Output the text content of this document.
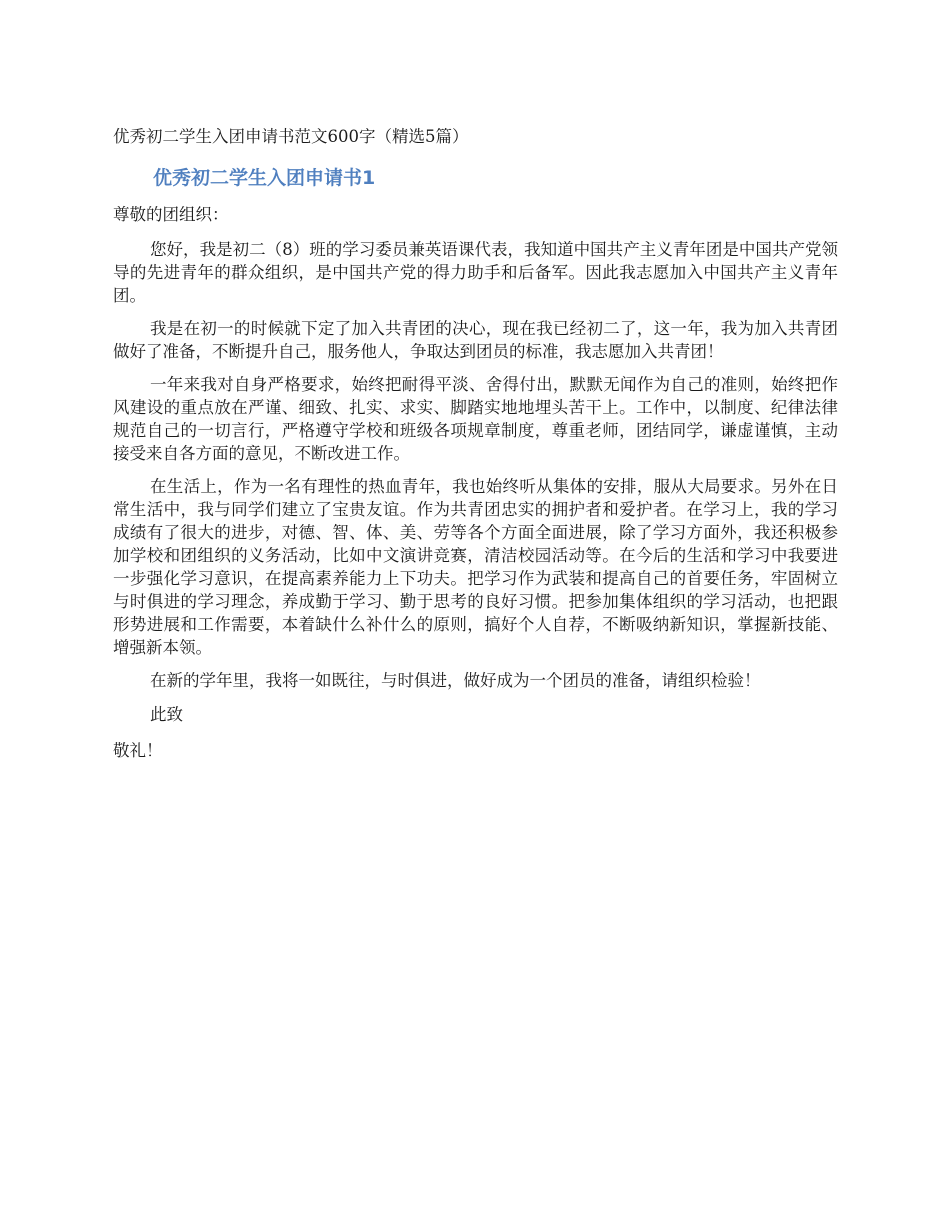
优秀初二学生入团申请书范文600字（精选5篇）

优秀初二学生入团申请书1

尊敬的团组织：

您好，我是初二（8）班的学习委员兼英语课代表，我知道中国共产主义青年团是中国共产党领导的先进青年的群众组织，是中国共产党的得力助手和后备军。因此我志愿加入中国共产主义青年团。

我是在初一的时候就下定了加入共青团的决心，现在我已经初二了，这一年，我为加入共青团做好了准备，不断提升自己，服务他人，争取达到团员的标准，我志愿加入共青团！

一年来我对自身严格要求，始终把耐得平淡、舍得付出，默默无闻作为自己的准则，始终把作风建设的重点放在严谨、细致、扎实、求实、脚踏实地地埋头苦干上。工作中，以制度、纪律法律规范自己的一切言行，严格遵守学校和班级各项规章制度，尊重老师，团结同学，谦虚谨慎，主动接受来自各方面的意见，不断改进工作。

在生活上，作为一名有理性的热血青年，我也始终听从集体的安排，服从大局要求。另外在日常生活中，我与同学们建立了宝贵友谊。作为共青团忠实的拥护者和爱护者。在学习上，我的学习成绩有了很大的进步，对德、智、体、美、劳等各个方面全面进展，除了学习方面外，我还积极参加学校和团组织的义务活动，比如中文演讲竞赛，清洁校园活动等。在今后的生活和学习中我要进一步强化学习意识，在提高素养能力上下功夫。把学习作为武装和提高自己的首要任务，牢固树立与时俱进的学习理念，养成勤于学习、勤于思考的良好习惯。把参加集体组织的学习活动，也把跟形势进展和工作需要，本着缺什么补什么的原则，搞好个人自荐，不断吸纳新知识，掌握新技能、增强新本领。

在新的学年里，我将一如既往，与时俱进，做好成为一个团员的准备，请组织检验！

此致

敬礼！
